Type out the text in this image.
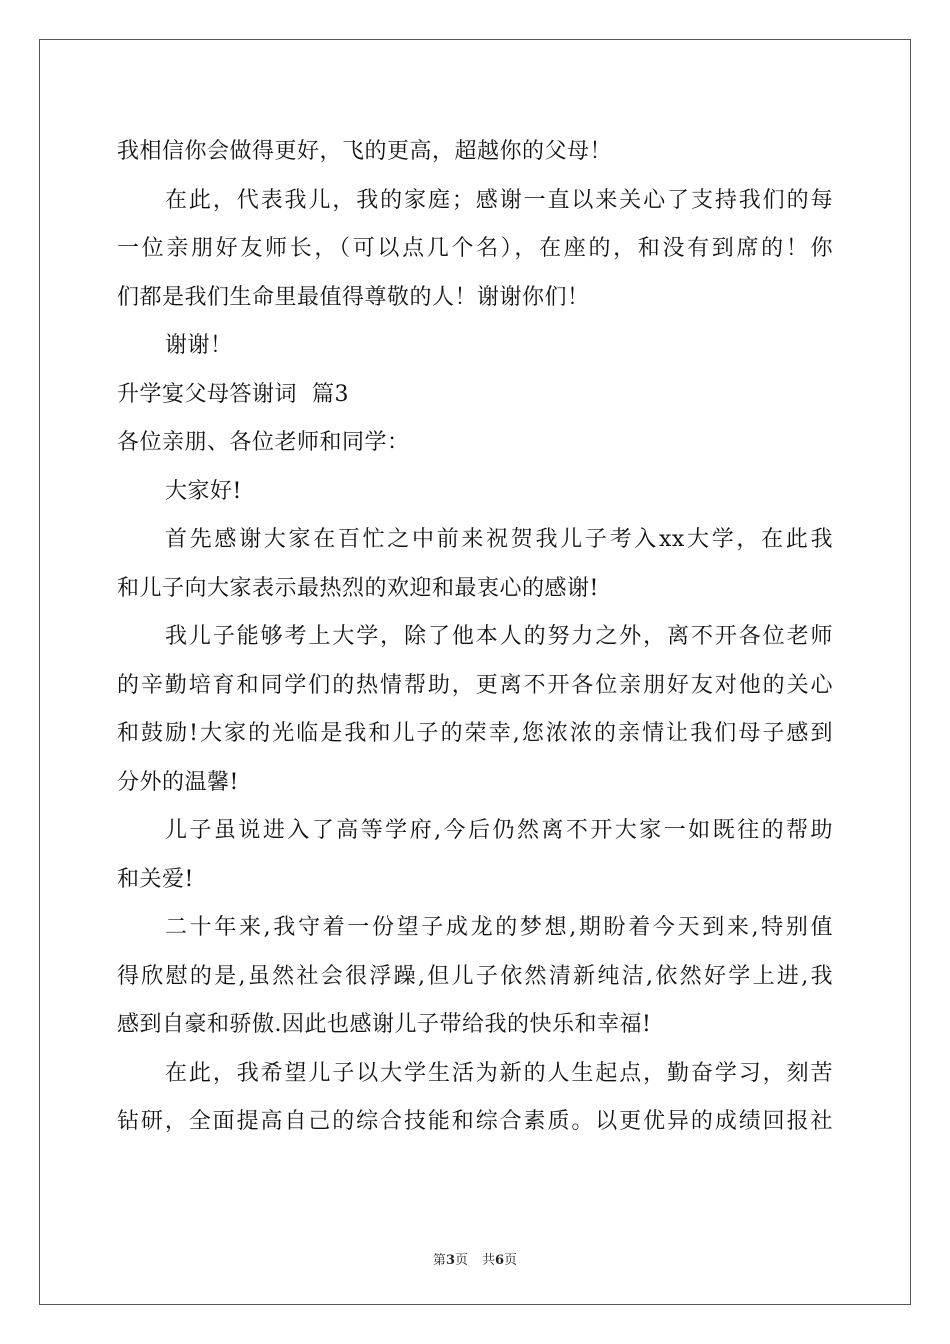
我相信你会做得更好，飞的更高，超越你的父母！
在此，代表我儿，我的家庭；感谢一直以来关心了支持我们的每
一位亲朋好友师长，（可以点几个名），在座的，和没有到席的！你
们都是我们生命里最值得尊敬的人！谢谢你们！
谢谢！
升学宴父母答谢词  篇3
各位亲朋、各位老师和同学：
大家好!
首先感谢大家在百忙之中前来祝贺我儿子考入xx大学，在此我
和儿子向大家表示最热烈的欢迎和最衷心的感谢!
我儿子能够考上大学，除了他本人的努力之外，离不开各位老师
的辛勤培育和同学们的热情帮助，更离不开各位亲朋好友对他的关心
和鼓励!大家的光临是我和儿子的荣幸,您浓浓的亲情让我们母子感到
分外的温馨!
儿子虽说进入了高等学府,今后仍然离不开大家一如既往的帮助
和关爱!
二十年来,我守着一份望子成龙的梦想,期盼着今天到来,特别值
得欣慰的是,虽然社会很浮躁,但儿子依然清新纯洁,依然好学上进,我
感到自豪和骄傲.因此也感谢儿子带给我的快乐和幸福!
在此，我希望儿子以大学生活为新的人生起点，勤奋学习，刻苦
钻研，全面提高自己的综合技能和综合素质。以更优异的成绩回报社
第3页 共6页
